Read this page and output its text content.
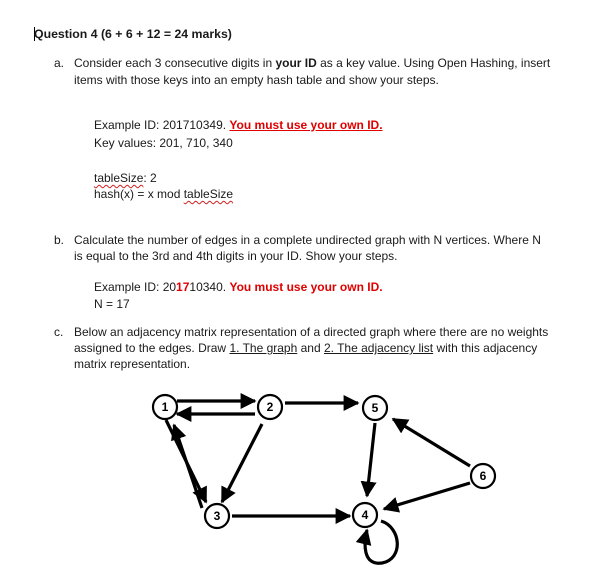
Question 4 (6 + 6 + 12 = 24 marks)
a. Consider each 3 consecutive digits in your ID as a key value. Using Open Hashing, insert
items with those keys into an empty hash table and show your steps.
Example ID: 201710349. You must use your own ID.
Key values: 201, 710, 340
tableSize: 2
hash(x) = x mod tableSize
b. Calculate the number of edges in a complete undirected graph with N vertices. Where N
is equal to the 3rd and 4th digits in your ID. Show your steps.
Example ID: 201710340. You must use your own ID.
N = 17
c. Below an adjacency matrix representation of a directed graph where there are no weights
assigned to the edges. Draw 1. The graph and 2. The adjacency list with this adjacency
matrix representation.
1	2
3	4
5
6
